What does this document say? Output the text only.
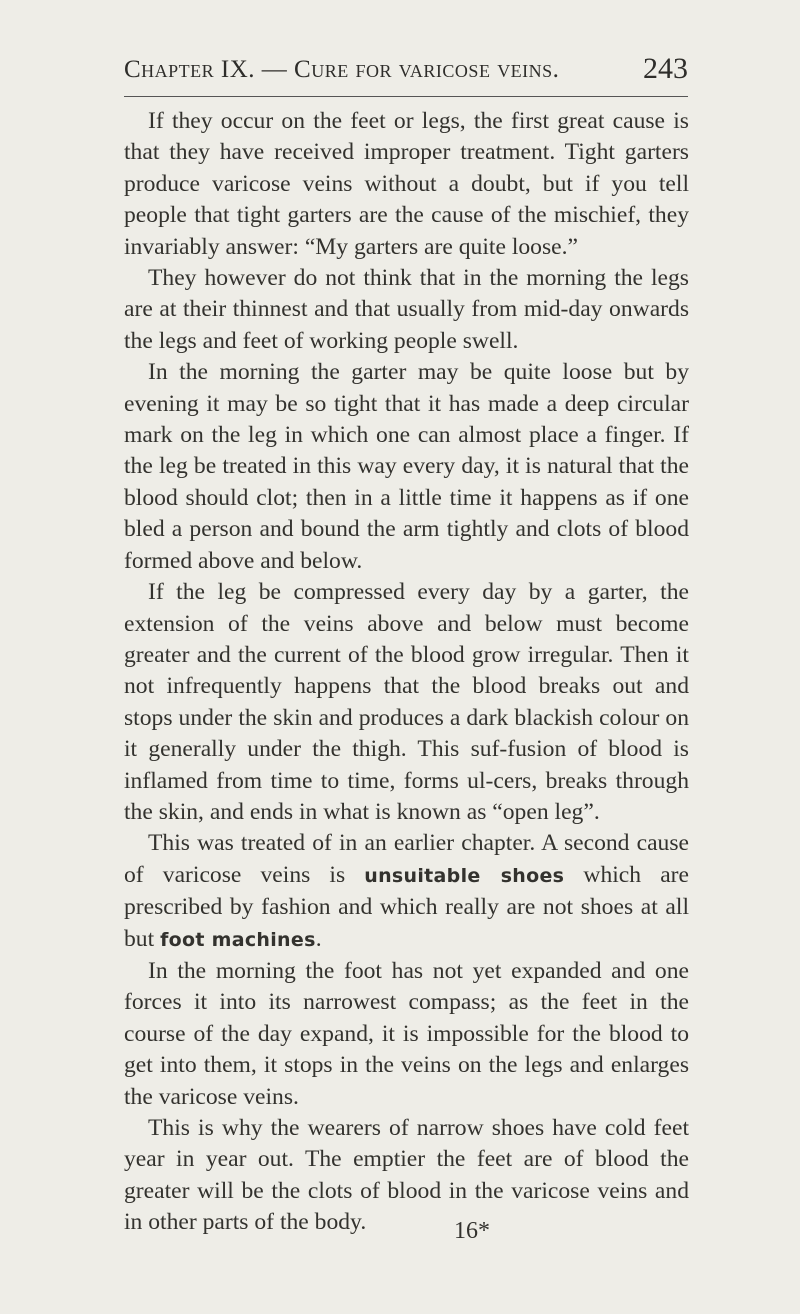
Chapter IX. — Cure for varicose veins.	243

If they occur on the feet or legs, the first great cause is that they have received improper treatment. Tight garters produce varicose veins without a doubt, but if you tell people that tight garters are the cause of the mischief, they invariably answer: “My garters are quite loose.”

They however do not think that in the morning the legs are at their thinnest and that usually from mid-day onwards the legs and feet of working people swell.

In the morning the garter may be quite loose but by evening it may be so tight that it has made a deep circular mark on the leg in which one can almost place a finger. If the leg be treated in this way every day, it is natural that the blood should clot; then in a little time it happens as if one bled a person and bound the arm tightly and clots of blood formed above and below.

If the leg be compressed every day by a garter, the extension of the veins above and below must become greater and the current of the blood grow irregular. Then it not infrequently happens that the blood breaks out and stops under the skin and produces a dark blackish colour on it generally under the thigh. This suf-fusion of blood is inflamed from time to time, forms ul-cers, breaks through the skin, and ends in what is known as “open leg”.

This was treated of in an earlier chapter. A second cause of varicose veins is unsuitable shoes which are prescribed by fashion and which really are not shoes at all but foot machines.

In the morning the foot has not yet expanded and one forces it into its narrowest compass; as the feet in the course of the day expand, it is impossible for the blood to get into them, it stops in the veins on the legs and enlarges the varicose veins.

This is why the wearers of narrow shoes have cold feet year in year out. The emptier the feet are of blood the greater will be the clots of blood in the varicose veins and in other parts of the body.	16*
